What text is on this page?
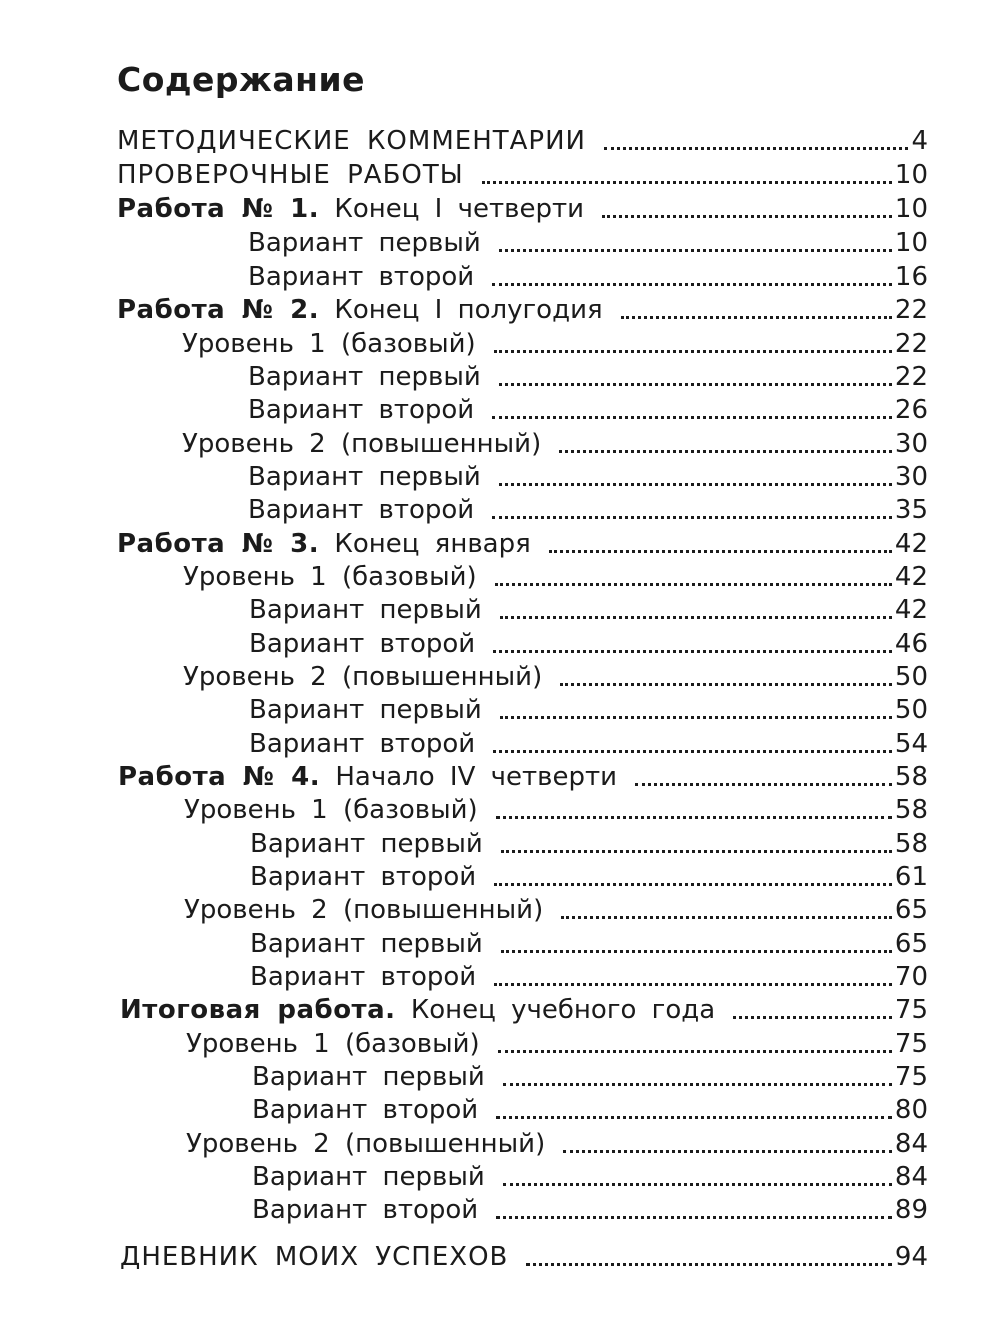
Содержание
МЕТОДИЧЕСКИЕ КОММЕНТАРИИ	4
ПРОВЕРОЧНЫЕ РАБОТЫ	10
Работа № 1. Конец I четверти	10
Вариант первый	10
Вариант второй	16
Работа № 2. Конец I полугодия	22
Уровень 1 (базовый)	22
Вариант первый	22
Вариант второй	26
Уровень 2 (повышенный)	30
Вариант первый	30
Вариант второй	35
Работа № 3. Конец января	42
Уровень 1 (базовый)	42
Вариант первый	42
Вариант второй	46
Уровень 2 (повышенный)	50
Вариант первый	50
Вариант второй	54
Работа № 4. Начало IV четверти	58
Уровень 1 (базовый)	58
Вариант первый	58
Вариант второй	61
Уровень 2 (повышенный)	65
Вариант первый	65
Вариант второй	70
Итоговая работа. Конец учебного года	75
Уровень 1 (базовый)	75
Вариант первый	75
Вариант второй	80
Уровень 2 (повышенный)	84
Вариант первый	84
Вариант второй	89
ДНЕВНИК МОИХ УСПЕХОВ	94
